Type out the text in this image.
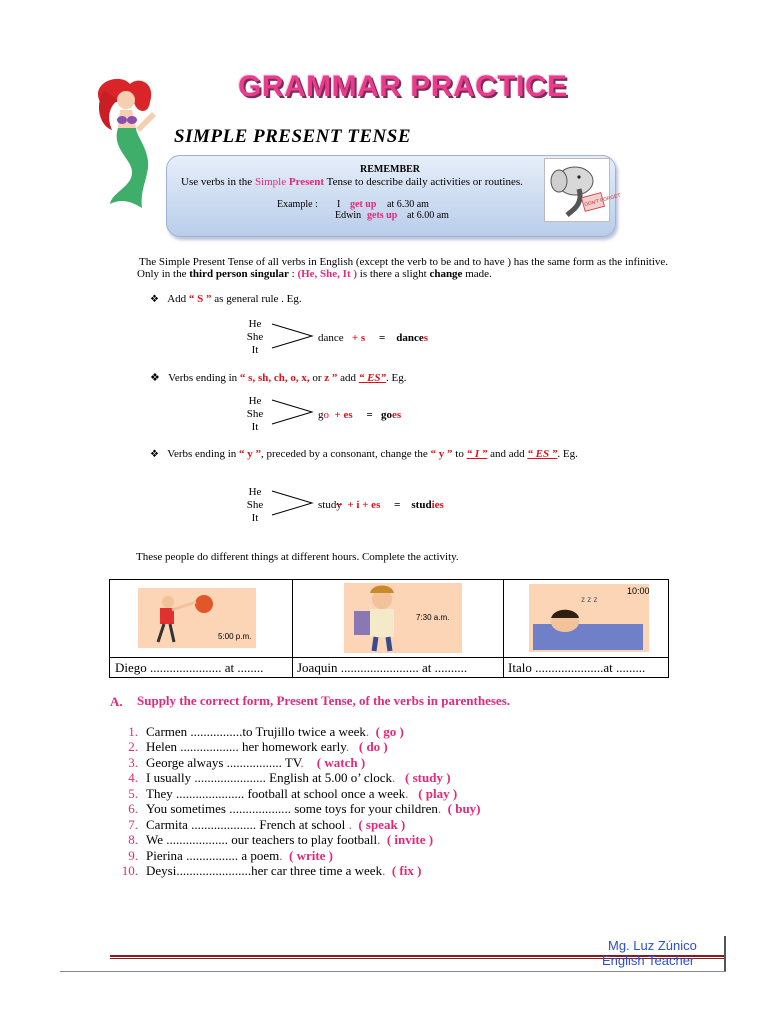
GRAMMAR PRACTICE
SIMPLE PRESENT TENSE
REMEMBER
Use verbs in the Simple Present Tense to describe daily activities or routines.
Example : I get up at 6.30 am
Edwin gets up at 6.00 am
DON'T FORGET
The Simple Present Tense of all verbs in English (except the verb to be and to have ) has the same form as the infinitive.
Only in the third person singular : (He, She, It ) is there a slight change made.
❖ Add “ S ” as general rule . Eg.
He
She
It
dance + s = dances
❖ Verbs ending in “ s, sh, ch, o, x, or z ” add “ ES”. Eg.
He
She
It
go + es = goes
❖ Verbs ending in “ y ”, preceded by a consonant, change the “ y ” to “ I ” and add “ ES ”. Eg.
He
She
It
study + i + es = studies
These people do different things at different hours. Complete the activity.
5:00 p.m.
7:30 a.m.
z z z
10:00
Diego ...................... at ........	Joaquin ........................ at ..........	Italo .....................at .........
A. Supply the correct form, Present Tense, of the verbs in parentheses.
1. Carmen ................to Trujillo twice a week. ( go )
2. Helen .................. her homework early. ( do )
3. George always ................. TV. ( watch )
4. I usually ...................... English at 5.00 o’ clock. ( study )
5. They ..................... football at school once a week. ( play )
6. You sometimes ................... some toys for your children. ( buy)
7. Carmita .................... French at school . ( speak )
8. We ................... our teachers to play football. ( invite )
9. Pierina ................ a poem. ( write )
10. Deysi.......................her car three time a week. ( fix )
Mg. Luz Zúnico
English Teacher
